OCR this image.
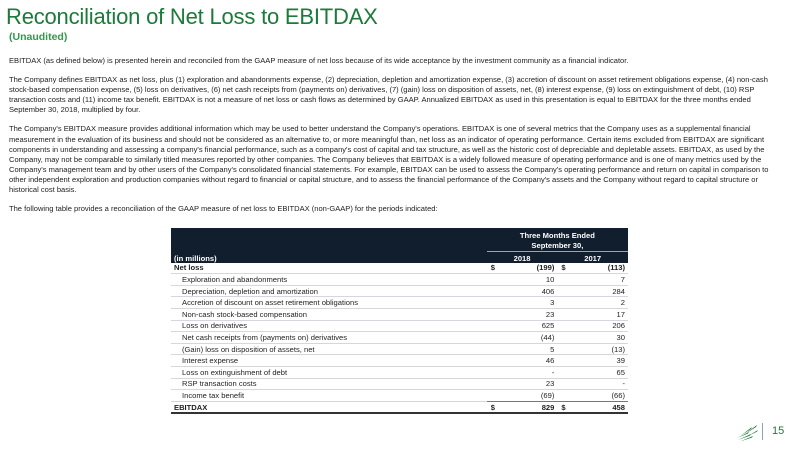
Reconciliation of Net Loss to EBITDAX
(Unaudited)

EBITDAX (as defined below) is presented herein and reconciled from the GAAP measure of net loss because of its wide acceptance by the investment community as a financial indicator.

The Company defines EBITDAX as net loss, plus (1) exploration and abandonments expense, (2) depreciation, depletion and amortization expense, (3) accretion of discount on asset retirement obligations expense, (4) non-cash stock-based compensation expense, (5) loss on derivatives, (6) net cash receipts from (payments on) derivatives, (7) (gain) loss on disposition of assets, net, (8) interest expense, (9) loss on extinguishment of debt, (10) RSP transaction costs and (11) income tax benefit. EBITDAX is not a measure of net loss or cash flows as determined by GAAP. Annualized EBITDAX as used in this presentation is equal to EBITDAX for the three months ended September 30, 2018, multiplied by four.

The Company's EBITDAX measure provides additional information which may be used to better understand the Company's operations. EBITDAX is one of several metrics that the Company uses as a supplemental financial measurement in the evaluation of its business and should not be considered as an alternative to, or more meaningful than, net loss as an indicator of operating performance. Certain items excluded from EBITDAX are significant components in understanding and assessing a company's financial performance, such as a company's cost of capital and tax structure, as well as the historic cost of depreciable and depletable assets. EBITDAX, as used by the Company, may not be comparable to similarly titled measures reported by other companies. The Company believes that EBITDAX is a widely followed measure of operating performance and is one of many metrics used by the Company's management team and by other users of the Company's consolidated financial statements. For example, EBITDAX can be used to assess the Company's operating performance and return on capital in comparison to other independent exploration and production companies without regard to financial or capital structure, and to assess the financial performance of the Company's assets and the Company without regard to capital structure or historical cost basis.

The following table provides a reconciliation of the GAAP measure of net loss to EBITDAX (non-GAAP) for the periods indicated:

	Three Months Ended
September 30,			

(in millions)	2018		2017	
Net loss	$	(199)	$	(113)
Exploration and abandonments		10		7
Depreciation, depletion and amortization		406		284
Accretion of discount on asset retirement obligations		3		2
Non-cash stock-based compensation		23		17
Loss on derivatives		625		206
Net cash receipts from (payments on) derivatives		(44)		30
(Gain) loss on disposition of assets, net		5		(13)
Interest expense		46		39
Loss on extinguishment of debt		-		65
RSP transaction costs		23		-
Income tax benefit		(69)		(66)
EBITDAX	$	829	$	458
15
